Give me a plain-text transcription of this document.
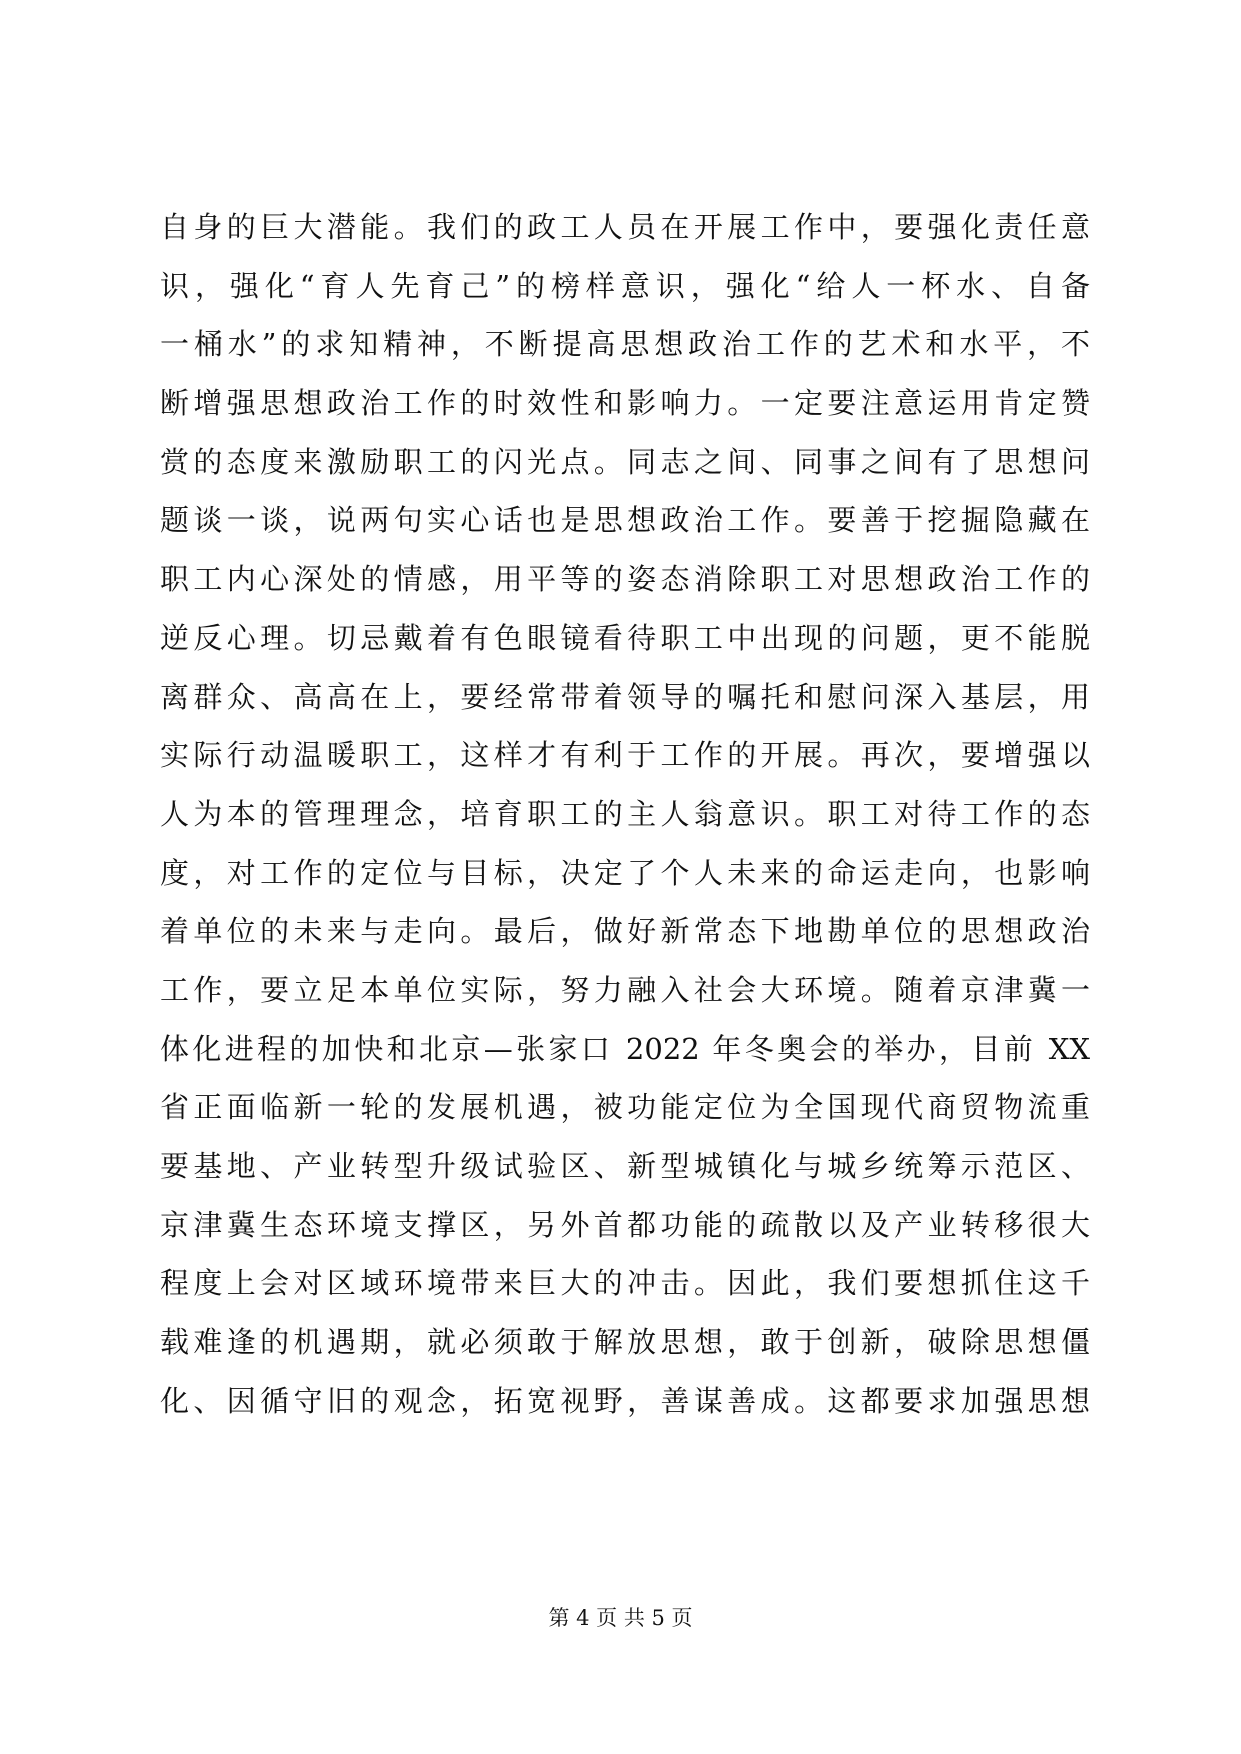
自身的巨大潜能。我们的政工人员在开展工作中，要强化责任意
识，强化“育人先育己”的榜样意识，强化“给人一杯水、自备
一桶水”的求知精神，不断提高思想政治工作的艺术和水平，不
断增强思想政治工作的时效性和影响力。一定要注意运用肯定赞
赏的态度来激励职工的闪光点。同志之间、同事之间有了思想问
题谈一谈，说两句实心话也是思想政治工作。要善于挖掘隐藏在
职工内心深处的情感，用平等的姿态消除职工对思想政治工作的
逆反心理。切忌戴着有色眼镜看待职工中出现的问题，更不能脱
离群众、高高在上，要经常带着领导的嘱托和慰问深入基层，用
实际行动温暖职工，这样才有利于工作的开展。再次，要增强以
人为本的管理理念，培育职工的主人翁意识。职工对待工作的态
度，对工作的定位与目标，决定了个人未来的命运走向，也影响
着单位的未来与走向。最后，做好新常态下地勘单位的思想政治
工作，要立足本单位实际，努力融入社会大环境。随着京津冀一
体化进程的加快和北京—张家口 2022 年冬奥会的举办，目前 XX
省正面临新一轮的发展机遇，被功能定位为全国现代商贸物流重
要基地、产业转型升级试验区、新型城镇化与城乡统筹示范区、
京津冀生态环境支撑区，另外首都功能的疏散以及产业转移很大
程度上会对区域环境带来巨大的冲击。因此，我们要想抓住这千
载难逢的机遇期，就必须敢于解放思想，敢于创新，破除思想僵
化、因循守旧的观念，拓宽视野，善谋善成。这都要求加强思想
第 4 页 共 5 页
